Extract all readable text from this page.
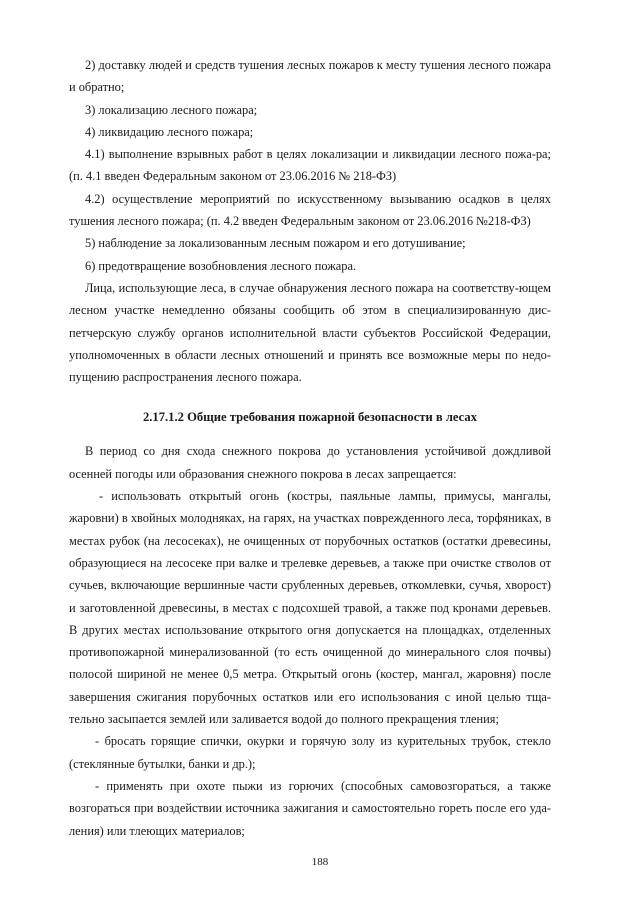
2) доставку людей и средств тушения лесных пожаров к месту тушения лесного пожара и обратно;

3) локализацию лесного пожара;

4) ликвидацию лесного пожара;

4.1) выполнение взрывных работ в целях локализации и ликвидации лесного пожа-ра;(п. 4.1 введен Федеральным законом от 23.06.2016 № 218-ФЗ)

4.2) осуществление мероприятий по искусственному вызыванию осадков в целях тушения лесного пожара; (п. 4.2 введен Федеральным законом от 23.06.2016 №218-ФЗ)

5) наблюдение за локализованным лесным пожаром и его дотушивание;

6) предотвращение возобновления лесного пожара.

Лица, использующие леса, в случае обнаружения лесного пожара на соответству-ющем лесном участке немедленно обязаны сообщить об этом в специализированную дис-петчерскую службу органов исполнительной власти субъектов Российской Федерации, уполномоченных в области лесных отношений и принять все возможные меры по недо-пущению распространения лесного пожара.

2.17.1.2 Общие требования пожарной безопасности в лесах

В период со дня схода снежного покрова до установления устойчивой дождливой осенней погоды или образования снежного покрова в лесах запрещается:

- использовать открытый огонь (костры, паяльные лампы, примусы, мангалы, жаровни) в хвойных молодняках, на гарях, на участках поврежденного леса, торфяниках, в местах рубок (на лесосеках), не очищенных от порубочных остатков (остатки древесины, образующиеся на лесосеке при валке и трелевке деревьев, а также при очистке стволов от сучьев, включающие вершинные части срубленных деревьев, откомлевки, сучья, хворост) и заготовленной древесины, в местах с подсохшей травой, а также под кронами деревьев. В других местах использование открытого огня допускается на площадках, отделенных противопожарной минерализованной (то есть очищенной до минерального слоя почвы) полосой шириной не менее 0,5 метра. Открытый огонь (костер, мангал, жаровня) после завершения сжигания порубочных остатков или его использования с иной целью тща-тельно засыпается землей или заливается водой до полного прекращения тления;

- бросать горящие спички, окурки и горячую золу из курительных трубок, стекло (стеклянные бутылки, банки и др.);

- применять при охоте пыжи из горючих (способных самовозгораться, а также возгораться при воздействии источника зажигания и самостоятельно гореть после его уда-ления) или тлеющих материалов;

188
